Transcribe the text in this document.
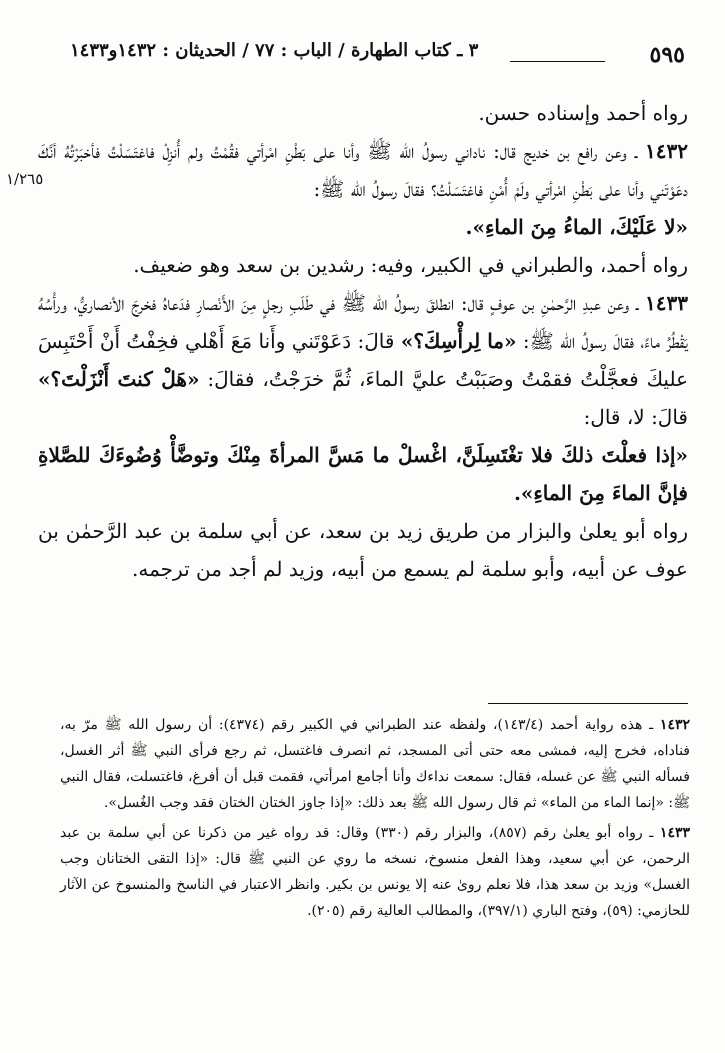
٥٩٥
٣ ـ كتاب الطهارة / الباب : ٧٧ / الحديثان : ١٤٣٢و١٤٣٣
١/٢٦٥

رواه أحمد وإسناده حسن.

١٤٣٢ ـ وعن رافع بن خديج قال: ناداني رسولُ الله ﷺ وأنا على بَطْنِ امْرأتي فقُمْتُ ولم أُنزِلْ فاغتَسَلْتُ فأخبَرْتُهُ أنَّكَ دعَوْتَني وأنا على بَطْنِ امْرأتي ولَمْ أُمْنِ فاغتَسَلْتُ؟ فقالَ رسولُ الله ﷺ:

«لا عَلَيْكَ، الماءُ مِنَ الماءِ».

رواه أحمد، والطبراني في الكبير، وفيه: رشدين بن سعد وهو ضعيف.

١٤٣٣ ـ وعن عبدِ الرَّحمٰنِ بن عوفٍ قال: انطلقَ رسولُ الله ﷺ في طَلَبِ رجلٍ مِنَ الأَنْصارِ فدَعاهُ فخرجَ الأنصاريُّ، ورأْسُهُ يَقْطُرُ ماءً، فقالَ رسولُ الله ﷺ: «ما لِرأْسِكَ؟» قالَ: دَعَوْتَني وأَنا مَعَ أَهْلي فخِفْتُ أَنْ أَحْتَبِسَ عليكَ فعجَّلْتُ فقمْتُ وصَبَبْتُ عليَّ الماءَ، ثُمَّ خرَجْتُ، فقالَ: «هَلْ كنتَ أَنْزَلْتَ؟» قالَ: لا، قال:

«إذا فعلْتَ ذلكَ فلا تغْتَسِلَنَّ، اغْسلْ ما مَسَّ المرأةَ مِنْكَ وتوضَّأْ وُضُوءَكَ للصَّلاةِ فإنَّ الماءَ مِنَ الماءِ».

رواه أبو يعلىٰ والبزار من طريق زيد بن سعد، عن أبي سلمة بن عبد الرَّحمٰن بن عوف عن أبيه، وأبو سلمة لم يسمع من أبيه، وزيد لم أجد من ترجمه.

١٤٣٢ ـ هذه رواية أحمد (١٤٣/٤)، ولفظه عند الطبراني في الكبير رقم (٤٣٧٤): أن رسول الله ﷺ مرّ به، فناداه، فخرج إليه، فمشى معه حتى أتى المسجد، ثم انصرف فاغتسل، ثم رجع فرأى النبي ﷺ أثر الغسل، فسأله النبي ﷺ عن غسله، فقال: سمعت نداءك وأنا أجامع امرأتي، فقمت قبل أن أفرغ، فاغتسلت، فقال النبي ﷺ: «إنما الماء من الماء» ثم قال رسول الله ﷺ بعد ذلك: «إذا جاوز الختان الختان فقد وجب الغُسل».

١٤٣٣ ـ رواه أبو يعلىٰ رقم (٨٥٧)، والبزار رقم (٣٣٠) وقال: قد رواه غير من ذكرنا عن أبي سلمة بن عبد الرحمن، عن أبي سعيد، وهذا الفعل منسوخ، نسخه ما روي عن النبي ﷺ قال: «إذا التقى الختانان وجب الغسل» وزيد بن سعد هذا، فلا نعلم روىٰ عنه إلا يونس بن بكير. وانظر الاعتبار في الناسخ والمنسوخ عن الآثار للحازمي: (٥٩)، وفتح الباري (٣٩٧/١)، والمطالب العالية رقم (٢٠٥).
